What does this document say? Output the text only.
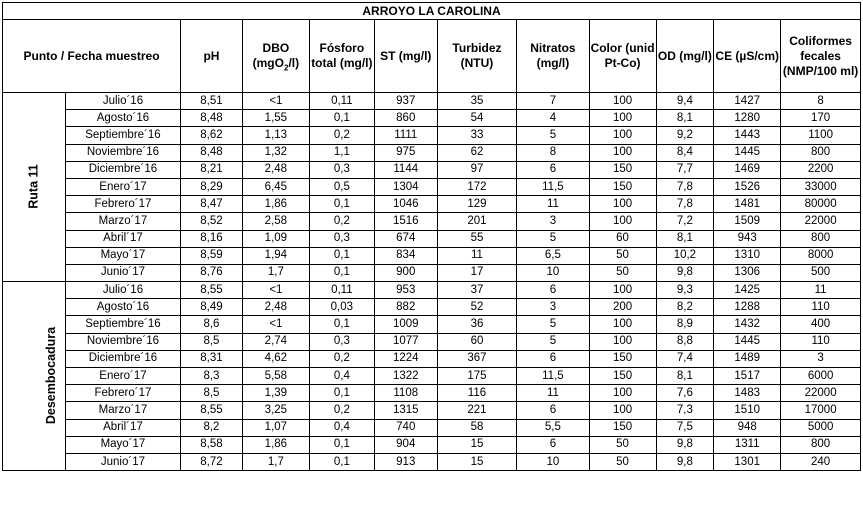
ARROYO LA CAROLINA											
Punto / Fecha muestreo		pH	DBO (mgO$_2$/l)	Fósforo total (mg/l)	ST (mg/l)	Turbidez (NTU)	Nitratos (mg/l)	Color (unid Pt-Co)	OD (mg/l)	CE (µS/cm)	Coliformes fecales (NMP/100 ml)
Ruta 11	Julio´16	8,51	<1	0,11	937	35	7	100	9,4	1427	8
	Agosto´16	8,48	1,55	0,1	860	54	4	100	8,1	1280	170
	Septiembre´16	8,62	1,13	0,2	1111	33	5	100	9,2	1443	1100
	Noviembre´16	8,48	1,32	1,1	975	62	8	100	8,4	1445	800
	Diciembre´16	8,21	2,48	0,3	1144	97	6	150	7,7	1469	2200
	Enero´17	8,29	6,45	0,5	1304	172	11,5	150	7,8	1526	33000
	Febrero´17	8,47	1,86	0,1	1046	129	11	100	7,8	1481	80000
	Marzo´17	8,52	2,58	0,2	1516	201	3	100	7,2	1509	22000
	Abril´17	8,16	1,09	0,3	674	55	5	60	8,1	943	800
	Mayo´17	8,59	1,94	0,1	834	11	6,5	50	10,2	1310	8000
	Junio´17	8,76	1,7	0,1	900	17	10	50	9,8	1306	500
Desembocadura	Julio´16	8,55	<1	0,11	953	37	6	100	9,3	1425	11
	Agosto´16	8,49	2,48	0,03	882	52	3	200	8,2	1288	110
	Septiembre´16	8,6	<1	0,1	1009	36	5	100	8,9	1432	400
	Noviembre´16	8,5	2,74	0,3	1077	60	5	100	8,8	1445	110
	Diciembre´16	8,31	4,62	0,2	1224	367	6	150	7,4	1489	3
	Enero´17	8,3	5,58	0,4	1322	175	11,5	150	8,1	1517	6000
	Febrero´17	8,5	1,39	0,1	1108	116	11	100	7,6	1483	22000
	Marzo´17	8,55	3,25	0,2	1315	221	6	100	7,3	1510	17000
	Abril´17	8,2	1,07	0,4	740	58	5,5	150	7,5	948	5000
	Mayo´17	8,58	1,86	0,1	904	15	6	50	9,8	1311	800
	Junio´17	8,72	1,7	0,1	913	15	10	50	9,8	1301	240
